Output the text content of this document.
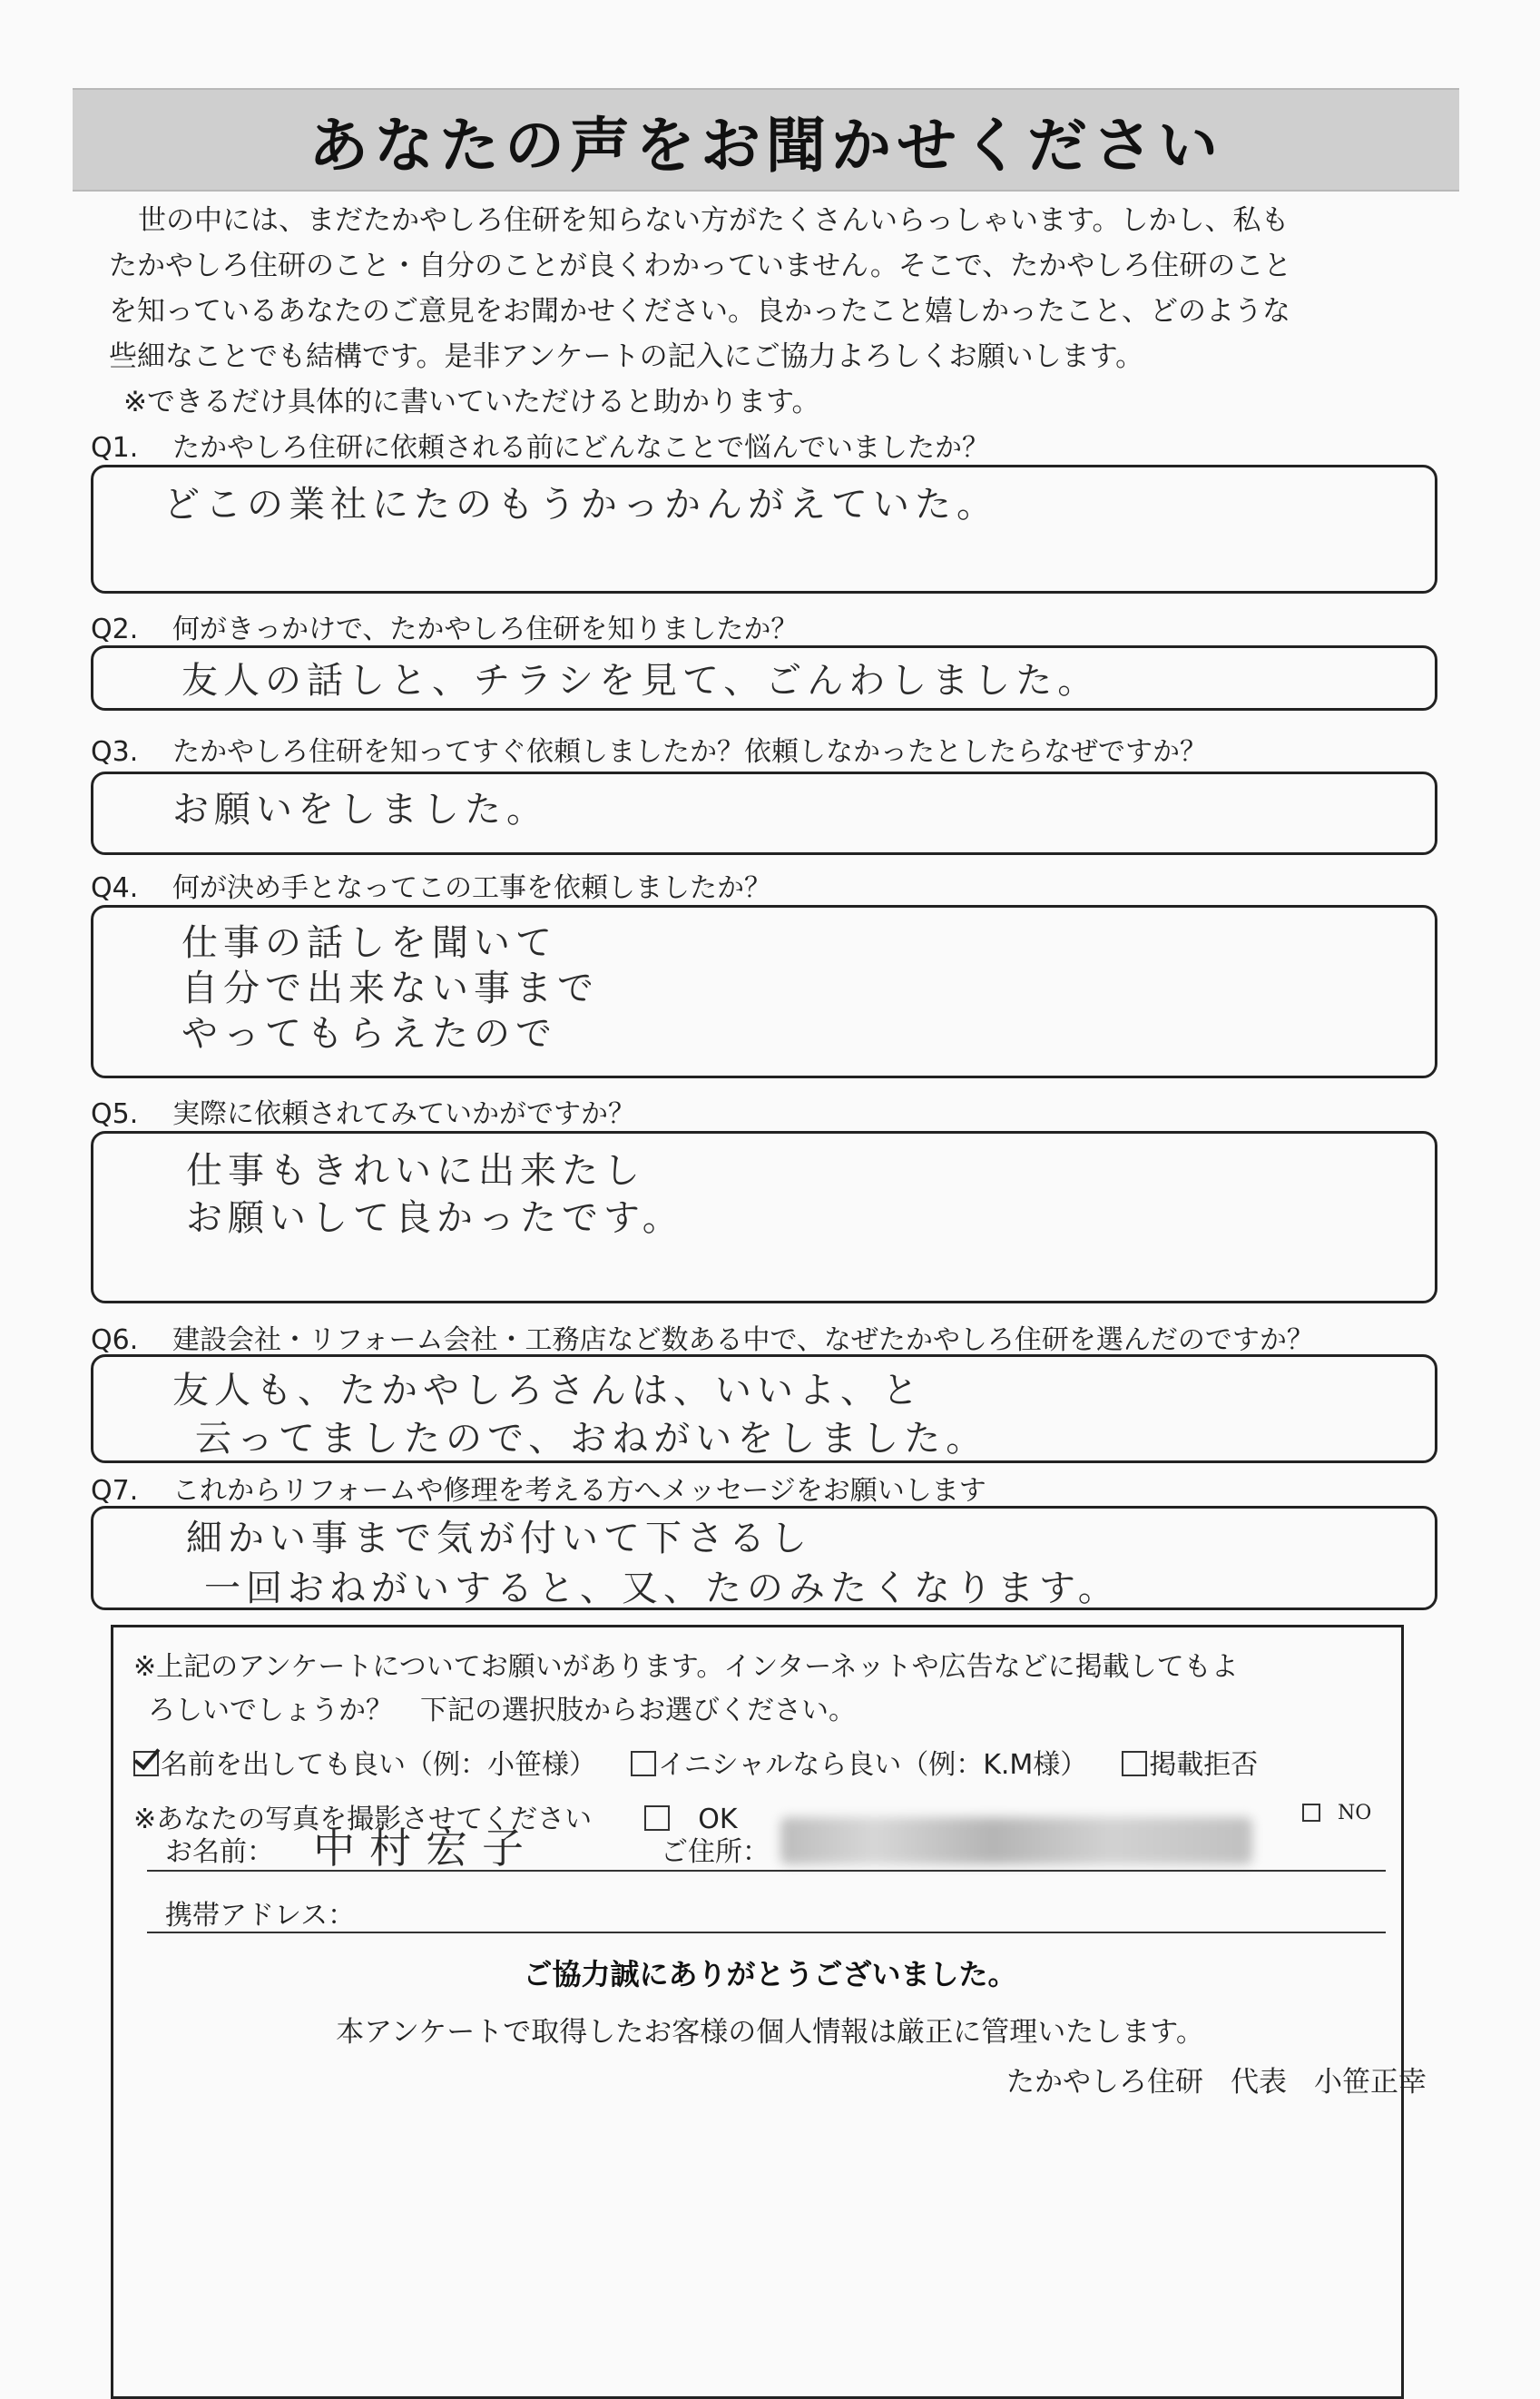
あなたの声をお聞かせください

世の中には、まだたかやしろ住研を知らない方がたくさんいらっしゃいます。しかし、私も

たかやしろ住研のこと・自分のことが良くわかっていません。そこで、たかやしろ住研のこと

を知っているあなたのご意見をお聞かせください。良かったこと嬉しかったこと、どのような

些細なことでも結構です。是非アンケートの記入にご協力よろしくお願いします。

※できるだけ具体的に書いていただけると助かります。

Q1. たかやしろ住研に依頼される前にどんなことで悩んでいましたか？
どこの業社にたのもうかっかんがえていた。
Q2. 何がきっかけで、たかやしろ住研を知りましたか？
友人の話しと、チラシを見て、ごんわしました。
Q3. たかやしろ住研を知ってすぐ依頼しましたか？依頼しなかったとしたらなぜですか？
お願いをしました。
Q4. 何が決め手となってこの工事を依頼しましたか？
仕事の話しを聞いて
自分で出来ない事まで
やってもらえたので
Q5. 実際に依頼されてみていかがですか？
仕事もきれいに出来たし
お願いして良かったです。
Q6. 建設会社・リフォーム会社・工務店など数ある中で、なぜたかやしろ住研を選んだのですか？
友人も、たかやしろさんは、いいよ、と
云ってましたので、おねがいをしました。
Q7. これからリフォームや修理を考える方へメッセージをお願いします
細かい事まで気が付いて下さるし
一回おねがいすると、又、たのみたくなります。
※上記のアンケートについてお願いがあります。インターネットや広告などに掲載してもよ
ろしいでしょうか？　下記の選択肢からお選びください。
名前を出しても良い（例：小笹様） イニシャルなら良い（例：K.M様） 掲載拒否
※あなたの写真を撮影させてください	OK	NO
お名前： 中村宏子	ご住所：
携帯アドレス：
ご協力誠にありがとうございました。
本アンケートで取得したお客様の個人情報は厳正に管理いたします。
たかやしろ住研 代表 小笹正幸
